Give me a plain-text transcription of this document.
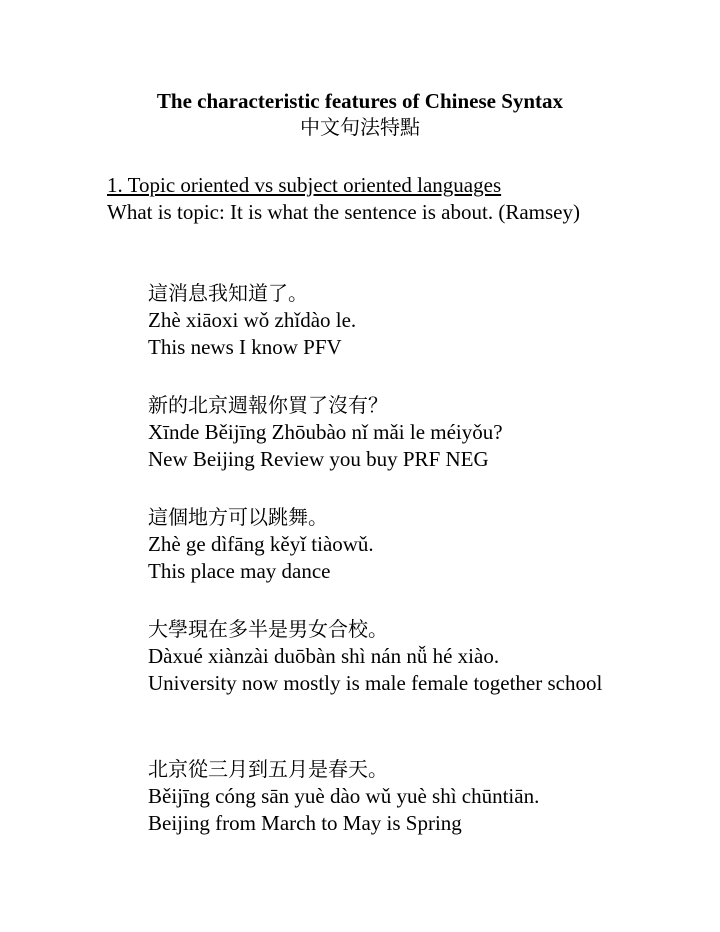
The characteristic features of Chinese Syntax
中文句法特點
1. Topic oriented vs subject oriented languages
What is topic: It is what the sentence is about. (Ramsey)
這消息我知道了。
Zhè xiāoxi wǒ zhǐdào le.
This news I know PFV
新的北京週報你買了沒有？
Xīnde Běijīng Zhōubào nǐ mǎi le méiyǒu?
New Beijing Review you buy PRF NEG
這個地方可以跳舞。
Zhè ge dìfāng kěyǐ tiàowǔ.
This place may dance
大學現在多半是男女合校。
Dàxué xiànzài duōbàn shì nán nǚ hé xiào.
University now mostly is male female together school
北京從三月到五月是春天。
Běijīng cóng sān yuè dào wǔ yuè shì chūntiān.
Beijing from March to May is Spring
